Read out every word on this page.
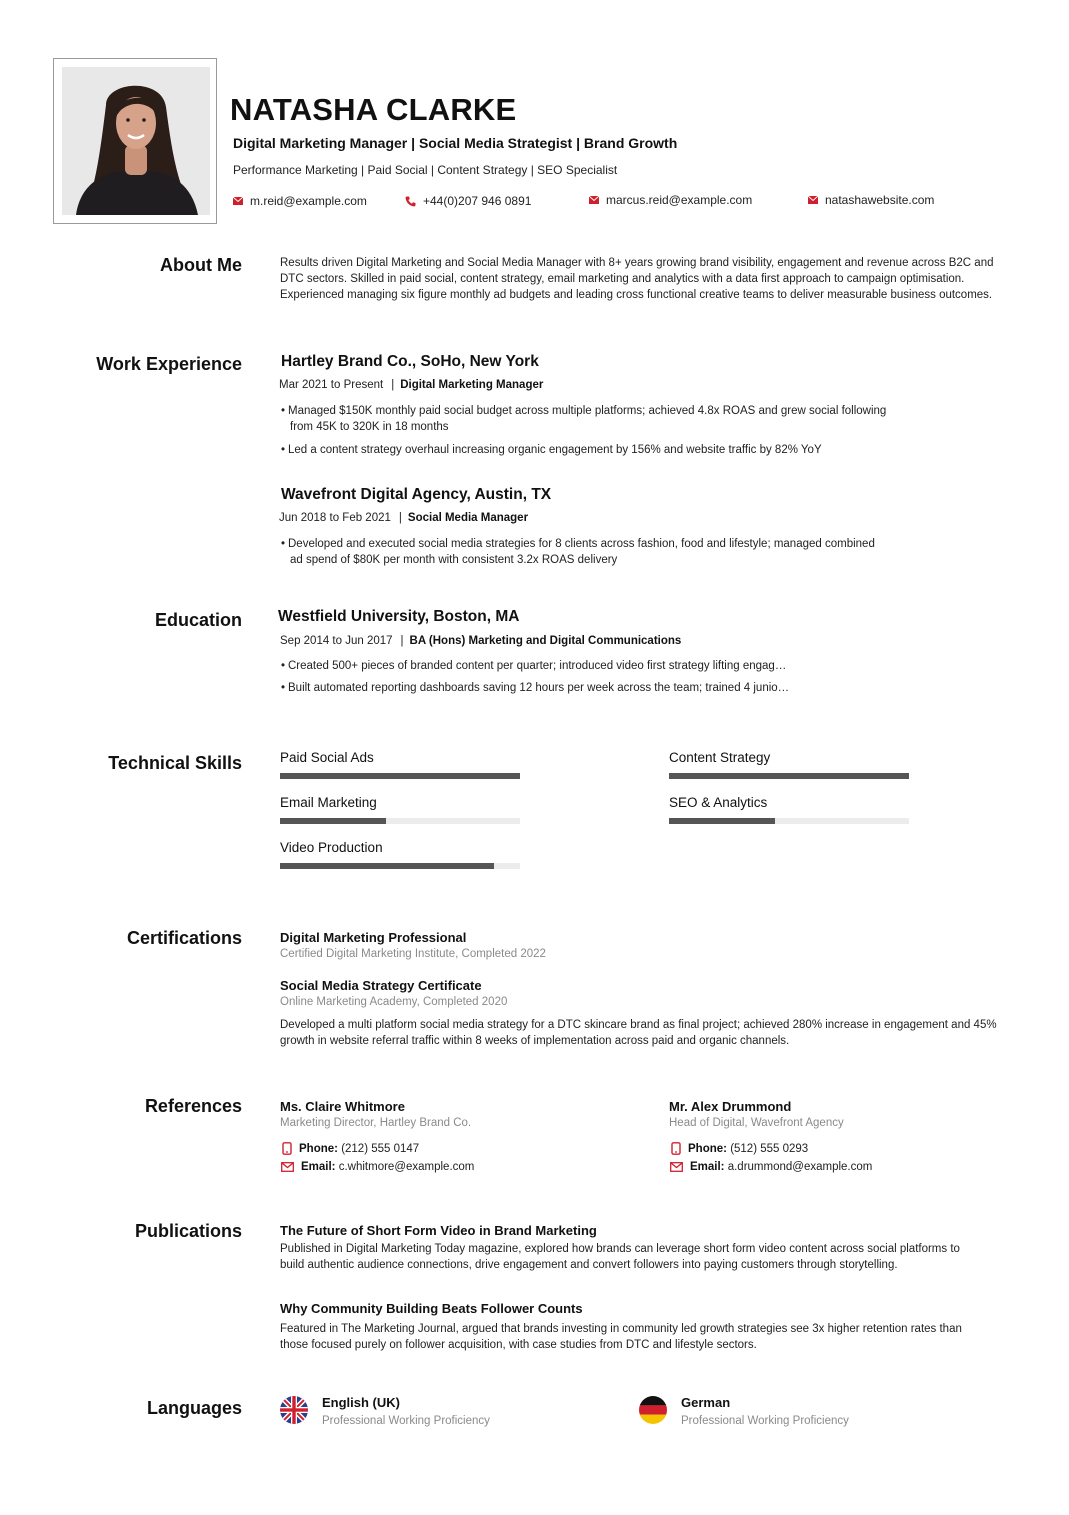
NATASHA CLARKE
Digital Marketing Manager | Social Media Strategist | Brand Growth
Performance Marketing | Paid Social | Content Strategy | SEO Specialist
m.reid@example.com	+44(0)207 946 0891	marcus.reid@example.com	natashawebsite.com
About Me	Results driven Digital Marketing and Social Media Manager with 8+ years growing brand visibility, engagement and revenue across B2C and DTC sectors. Skilled in paid social, content strategy, email marketing and analytics with a data first approach to campaign optimisation. Experienced managing six figure monthly ad budgets and leading cross functional creative teams to deliver measurable business outcomes.
Work Experience	Hartley Brand Co., SoHo, New York
Mar 2021 to Present | Digital Marketing Manager
• Managed $150K monthly paid social budget across multiple platforms; achieved 4.8x ROAS and grew social following
from 45K to 320K in 18 months
• Led a content strategy overhaul increasing organic engagement by 156% and website traffic by 82% YoY
Wavefront Digital Agency, Austin, TX
Jun 2018 to Feb 2021 | Social Media Manager
• Developed and executed social media strategies for 8 clients across fashion, food and lifestyle; managed combined
ad spend of $80K per month with consistent 3.2x ROAS delivery
Education Westfield University, Boston, MA
Sep 2014 to Jun 2017 | BA (Hons) Marketing and Digital Communications
• Created 500+ pieces of branded content per quarter; introduced video first strategy lifting engag…
• Built automated reporting dashboards saving 12 hours per week across the team; trained 4 junio…
Technical Skills	Paid Social Ads	Content Strategy
Email Marketing	SEO & Analytics
Video Production
Certifications	Digital Marketing Professional
Certified Digital Marketing Institute, Completed 2022
Social Media Strategy Certificate
Online Marketing Academy, Completed 2020
Developed a multi platform social media strategy for a DTC skincare brand as final project; achieved 280% increase in engagement and 45%
growth in website referral traffic within 8 weeks of implementation across paid and organic channels.
References	Ms. Claire Whitmore
Marketing Director, Hartley Brand Co.
Phone: (212) 555 0147
Email: c.whitmore@example.com
Mr. Alex Drummond
Head of Digital, Wavefront Agency
Phone: (512) 555 0293
Email: a.drummond@example.com
Publications	The Future of Short Form Video in Brand Marketing
Published in Digital Marketing Today magazine, explored how brands can leverage short form video content across social platforms to
build authentic audience connections, drive engagement and convert followers into paying customers through storytelling.
Why Community Building Beats Follower Counts
Featured in The Marketing Journal, argued that brands investing in community led growth strategies see 3x higher retention rates than
those focused purely on follower acquisition, with case studies from DTC and lifestyle sectors.
Languages	English (UK)
Professional Working Proficiency
German
Professional Working Proficiency
